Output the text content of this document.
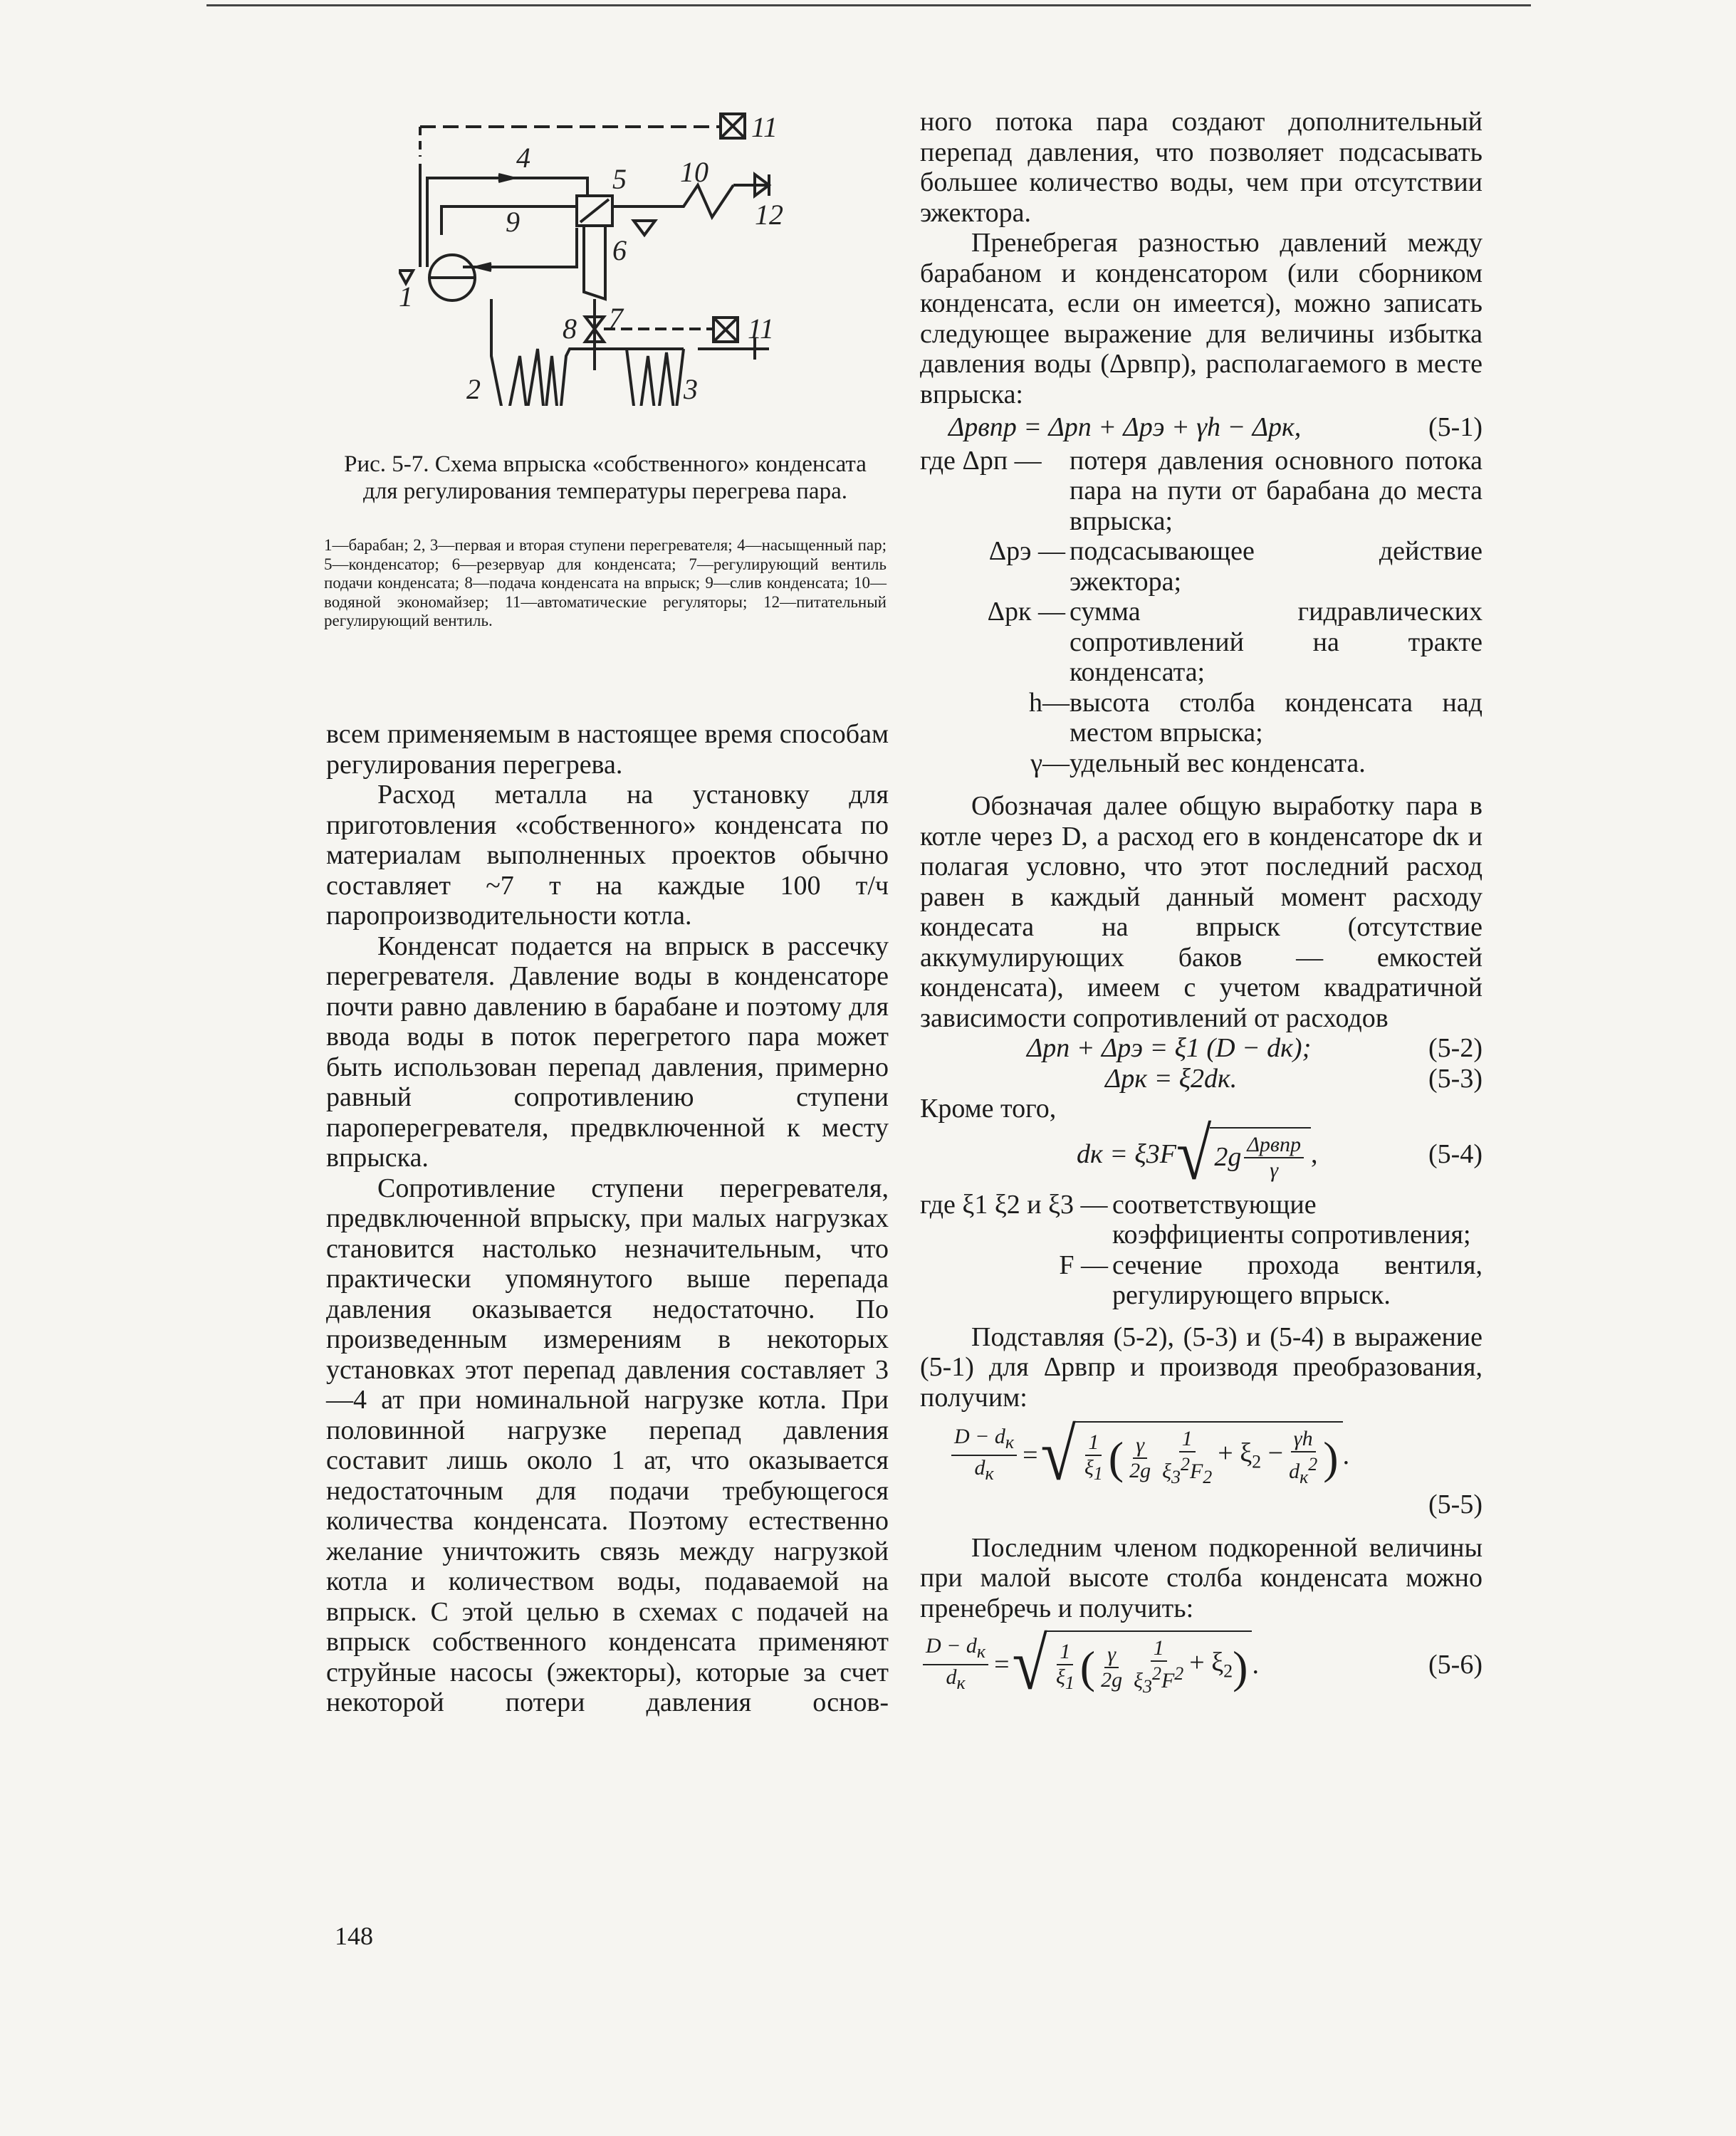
1
2	3
4
5
6
7
8
9
10
11
11
12
Рис. 5-7. Схема впрыска «собственного» конденсата для регулирования температуры перегрева пара.
1—барабан; 2, 3—первая и вторая ступени перегревателя; 4—насыщенный пар; 5—конденсатор; 6—резервуар для конденсата; 7—регулирующий вентиль подачи конденсата; 8—подача конденсата на впрыск; 9—слив конденсата; 10—водяной экономайзер; 11—автоматические регуляторы; 12—питательный регулирующий вентиль.

всем применяемым в настоящее время способам регулирования перегрева.

Расход металла на установку для приготовления «собственного» конденсата по материалам выполненных проектов обычно составляет ~7 т на каждые 100 т/ч паропроизводительности котла.

Конденсат подается на впрыск в рассечку перегревателя. Давление воды в конденсаторе почти равно давлению в барабане и поэтому для ввода воды в поток перегретого пара может быть использован перепад давления, примерно равный сопротивлению ступени пароперегревателя, предвключенной к месту впрыска.

Сопротивление ступени перегревателя, предвключенной впрыску, при малых нагрузках становится настолько незначительным, что практически упомянутого выше перепада давления оказывается недостаточно. По произведенным измерениям в некоторых установках этот перепад давления составляет 3—4 ат при номинальной нагрузке котла. При половинной нагрузке перепад давления составит лишь около 1 ат, что оказывается недостаточным для подачи требующегося количества конденсата. Поэтому естественно желание уничтожить связь между нагрузкой котла и количеством воды, подаваемой на впрыск. С этой целью в схемах с подачей на впрыск собственного конденсата применяют струйные насосы (эжекторы), которые за счет некоторой потери давления основ-

ного потока пара создают дополнительный перепад давления, что позволяет подсасывать большее количество воды, чем при отсутствии эжектора.

Пренебрегая разностью давлений между барабаном и конденсатором (или сборником конденсата, если он имеется), можно записать следующее выражение для величины избытка давления воды (Δpвпр), располагаемого в месте впрыска:

Δpвпр = Δpп + Δpэ + γh − Δpк,	(5-1)
где Δpп —	потеря давления основного потока пара на пути от барабана до места впрыска;
Δpэ — подсасывающее действие эжектора;
Δpк — сумма гидравлических сопротивлений на тракте конденсата;
h— высота столба конденсата над местом впрыска;
γ— удельный вес конденсата.

Обозначая далее общую выработку пара в котле через D, а расход его в конденсаторе dк и полагая условно, что этот последний расход равен в каждый данный момент расходу кондесата на впрыск (отсутствие аккумулирующих баков — емкостей конденсата), имеем с учетом квадратичной зависимости сопротивлений от расходов

Δpп + Δpэ = ξ1 (D − dк);	(5-2)
Δpк = ξ2dк.	(5-3)

Кроме того,

dк = ξ3F √ $2g \frac{\text{Δpвпр}}{\gamma}$ ,	(5-4)
где ξ1 ξ2 и ξ3 — соответствующие коэффициенты сопротивления;
F — сечение прохода вентиля, регулирующего впрыск.

Подставляя (5-2), (5-3) и (5-4) в выражение (5-1) для Δpвпр и производя преобразования, получим:

$\frac{D - d_к}{d_к}$ = √ $\frac{1}{\xi_1}$ ( $\frac{\gamma}{2g} \frac{1}{\xi_3^2F_2} + \xi_2 - \frac{\gamma h}{d_к^2}$ ) .
(5-5)

Последним членом подкоренной величины при малой высоте столба конденсата можно пренебречь и получить:

$\frac{D - d_к}{d_к}$ = √ $\frac{1}{\xi_1}$ ( $\frac{\gamma}{2g} \frac{1}{\xi_3^2F^2} + \xi_2$ ) .	(5-6)
148
